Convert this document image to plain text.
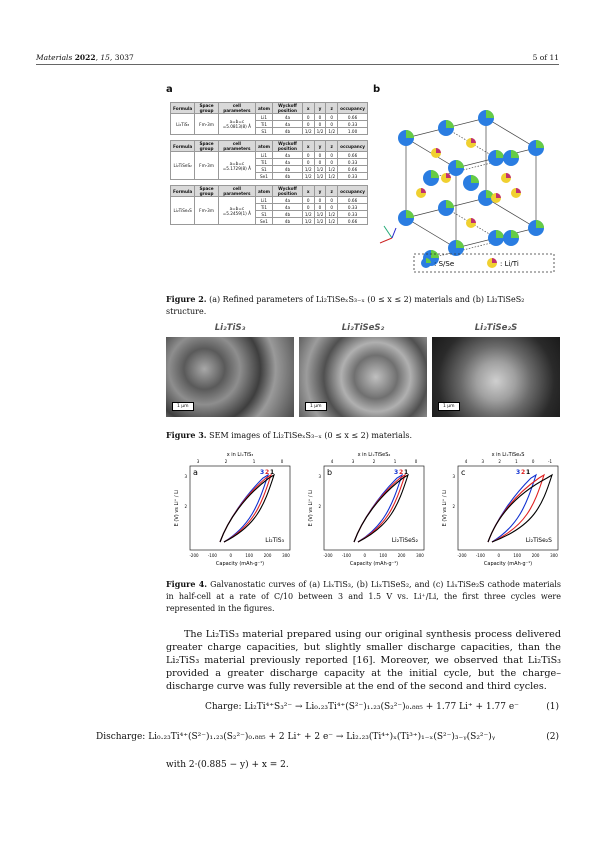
Materials 2022, 15, 3037	5 of 11
a	b
Formula	Space group	cell parameters	atom	Wyckoff position	x	y	z	occupancy
Li₂TiS₃	Fm-3m	a=b=c =5.0813(8) Å	Li1	4a	0	0	0	0.66
			Ti1	4a	0	0	0	0.33
			S1	4b	1/2	1/2	1/2	1.00
Formula	Space group	cell parameters	atom	Wyckoff position	x	y	z	occupancy
Li₂TiSeS₂	Fm-3m	a=b=c =5.1729(8) Å	Li1	4a	0	0	0	0.66
			Ti1	4a	0	0	0	0.33
			S1	4b	1/2	1/2	1/2	0.66
			Se1	4b	1/2	1/2	1/2	0.33
Formula	Space group	cell parameters	atom	Wyckoff position	x	y	z	occupancy
Li₂TiSe₂S	Fm-3m	a=b=c =5.2459(1) Å	Li1	4a	0	0	0	0.66
			Ti1	4a	0	0	0	0.33
			S1	4b	1/2	1/2	1/2	0.33
			Se1	4b	1/2	1/2	1/2	0.66
: S/Se	: Li/Ti
Figure 2. (a) Refined parameters of Li₂TiSeₓS₃₋ₓ (0 ≤ x ≤ 2) materials and (b) Li₂TiSeS₂ structure.
Li₂TiS₃	Li₂TiSeS₂	Li₂TiSe₂S
1 µm	1 µm	1 µm
Figure 3. SEM images of Li₂TiSeₓS₃₋ₓ (0 ≤ x ≤ 2) materials.
x in LiₓTiS₃
3	2	1	0
a
-200 -100	0	100	200	300
Capacity (mAh·g⁻¹)
E (V) vs Li⁺ / Li
3
2
Li₂TiS₃
3 2 1
x in LiₓTiSeS₂
4	3	2	1	0
b
-200 -100	0	100	200	300
Capacity (mAh·g⁻¹)
E (V) vs Li⁺ / Li
3
2
Li₂TiSeS₂
3 2 1
x in LiₓTiSe₂S
4	3	2	1	0	-1
c
-200 -100	0	100	200	300
Capacity (mAh·g⁻¹)
E (V) vs Li⁺ / Li
3
2
Li₂TiSe₂S
3 2 1
Figure 4. Galvanostatic curves of (a) LiₓTiS₃, (b) LiₓTiSeS₂, and (c) LiₓTiSe₂S cathode materials in half-cell at a rate of C/10 between 3 and 1.5 V vs. Li⁺/Li, the first three cycles were represented in the figures.
The Li₂TiS₃ material prepared using our original synthesis process delivered greater charge capacities, but slightly smaller discharge capacities, than the Li₂TiS₃ material previously reported [16]. Moreover, we observed that Li₂TiS₃ provided a greater discharge capacity at the initial cycle, but the charge–discharge curve was fully reversible at the end of the second and third cycles.
Charge: Li₂Ti⁴⁺S₃²⁻ → Li₀.₂₃Ti⁴⁺(S²⁻)₁.₂₃(S₂²⁻)₀.₈₈₅ + 1.77 Li⁺ + 1.77 e⁻	(1)
Discharge: Li₀.₂₃Ti⁴⁺(S²⁻)₁.₂₃(S₂²⁻)₀.₈₈₅ + 2 Li⁺ + 2 e⁻ → Li₂.₂₃(Ti⁴⁺)ₓ(Ti³⁺)₁₋ₓ(S²⁻)₃₋ᵧ(S₂²⁻)ᵧ	(2)
with 2·(0.885 − y) + x = 2.
